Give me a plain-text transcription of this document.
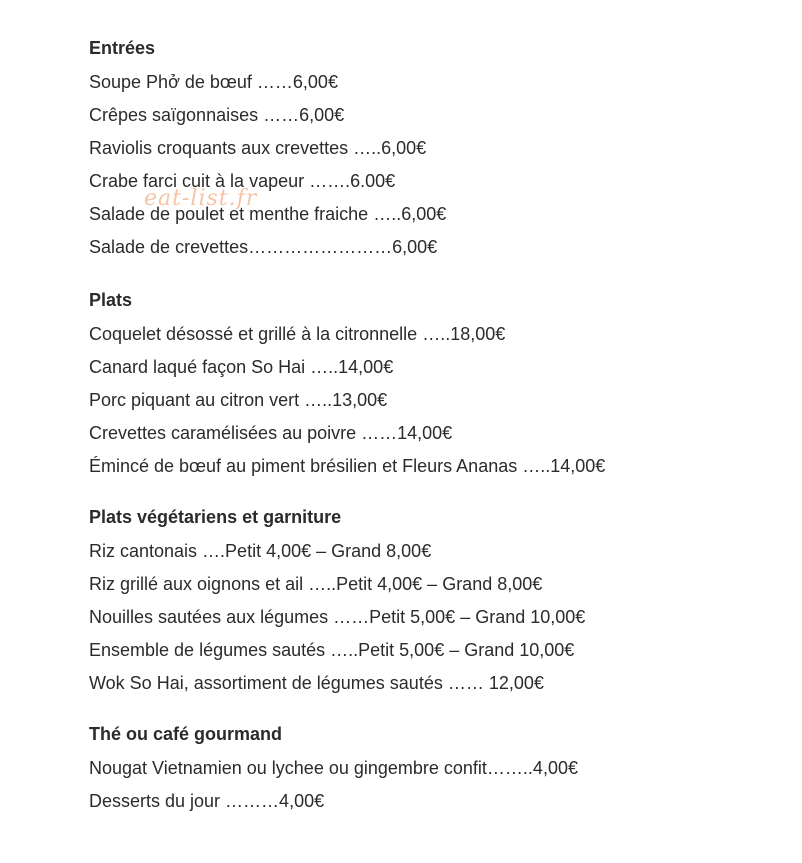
Entrées
Soupe Phở de bœuf ……6,00€
Crêpes saïgonnaises ……6,00€
Raviolis croquants aux crevettes …..6,00€
Crabe farci cuit à la vapeur …….6.00€
Salade de poulet et menthe fraiche …..6,00€
Salade de crevettes……………………6,00€
Plats
Coquelet désossé et grillé à la citronnelle …..18,00€
Canard laqué façon So Hai …..14,00€
Porc piquant au citron vert …..13,00€
Crevettes caramélisées au poivre ……14,00€
Émincé de bœuf au piment brésilien et Fleurs Ananas …..14,00€
Plats végétariens et garniture
Riz cantonais ….Petit 4,00€ – Grand 8,00€
Riz grillé aux oignons et ail …..Petit 4,00€ – Grand 8,00€
Nouilles sautées aux légumes ……Petit 5,00€ – Grand 10,00€
Ensemble de légumes sautés …..Petit 5,00€ – Grand 10,00€
Wok So Hai, assortiment de légumes sautés …… 12,00€
Thé ou café gourmand
Nougat Vietnamien ou lychee ou gingembre confit……..4,00€
Desserts du jour ………4,00€
eat-list.fr
